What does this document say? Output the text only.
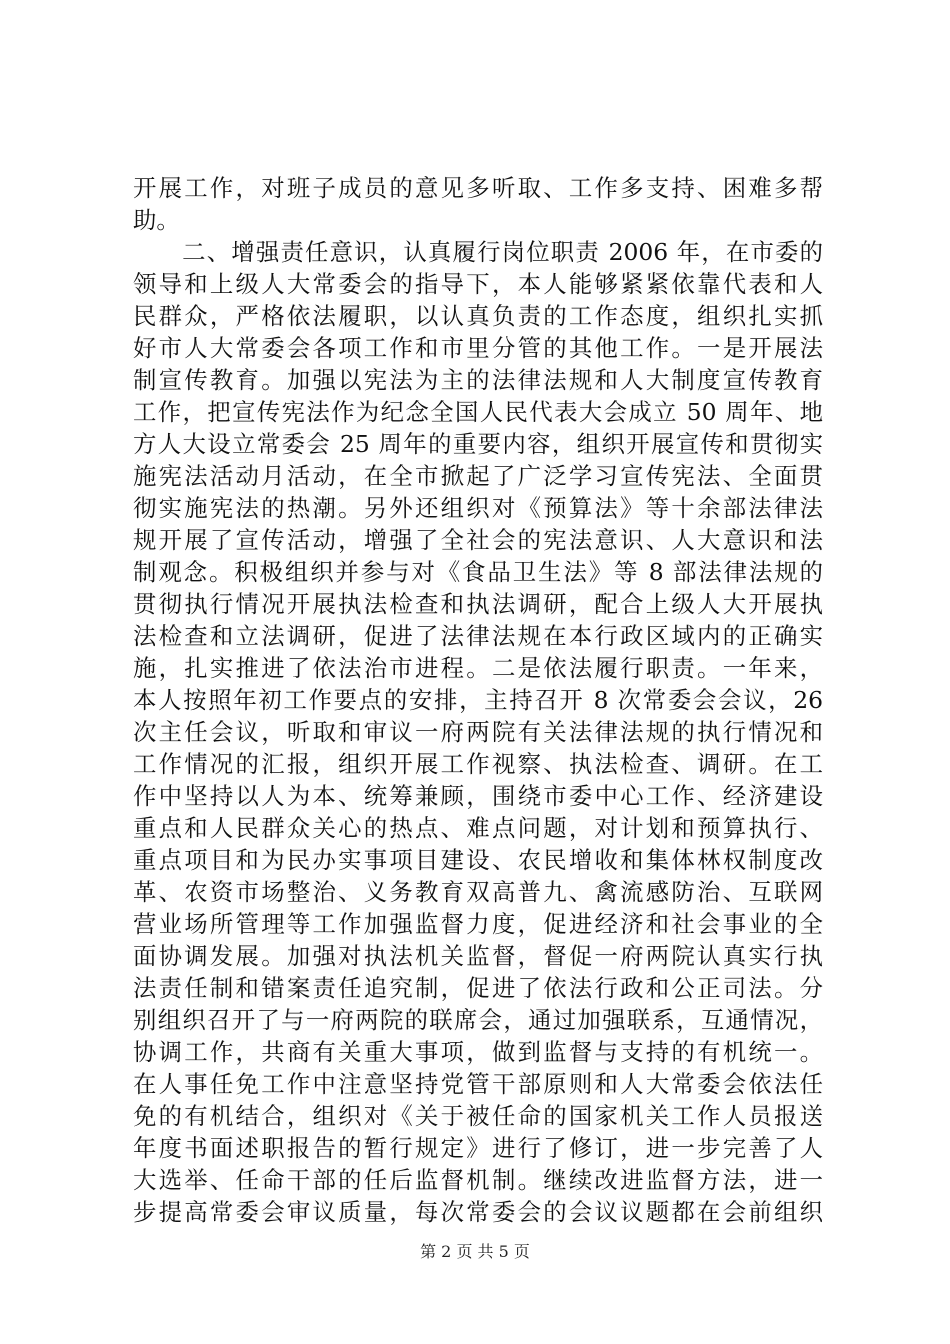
开展工作，对班子成员的意见多听取、工作多支持、困难多帮
助。
　　二、增强责任意识，认真履行岗位职责 2006 年，在市委的
领导和上级人大常委会的指导下，本人能够紧紧依靠代表和人
民群众，严格依法履职，以认真负责的工作态度，组织扎实抓
好市人大常委会各项工作和市里分管的其他工作。一是开展法
制宣传教育。加强以宪法为主的法律法规和人大制度宣传教育
工作，把宣传宪法作为纪念全国人民代表大会成立 50 周年、地
方人大设立常委会 25 周年的重要内容，组织开展宣传和贯彻实
施宪法活动月活动，在全市掀起了广泛学习宣传宪法、全面贯
彻实施宪法的热潮。另外还组织对《预算法》等十余部法律法
规开展了宣传活动，增强了全社会的宪法意识、人大意识和法
制观念。积极组织并参与对《食品卫生法》等 8 部法律法规的
贯彻执行情况开展执法检查和执法调研，配合上级人大开展执
法检查和立法调研，促进了法律法规在本行政区域内的正确实
施，扎实推进了依法治市进程。二是依法履行职责。一年来，
本人按照年初工作要点的安排，主持召开 8 次常委会会议，26
次主任会议，听取和审议一府两院有关法律法规的执行情况和
工作情况的汇报，组织开展工作视察、执法检查、调研。在工
作中坚持以人为本、统筹兼顾，围绕市委中心工作、经济建设
重点和人民群众关心的热点、难点问题，对计划和预算执行、
重点项目和为民办实事项目建设、农民增收和集体林权制度改
革、农资市场整治、义务教育双高普九、禽流感防治、互联网
营业场所管理等工作加强监督力度，促进经济和社会事业的全
面协调发展。加强对执法机关监督，督促一府两院认真实行执
法责任制和错案责任追究制，促进了依法行政和公正司法。分
别组织召开了与一府两院的联席会，通过加强联系，互通情况，
协调工作，共商有关重大事项，做到监督与支持的有机统一。
在人事任免工作中注意坚持党管干部原则和人大常委会依法任
免的有机结合，组织对《关于被任命的国家机关工作人员报送
年度书面述职报告的暂行规定》进行了修订，进一步完善了人
大选举、任命干部的任后监督机制。继续改进监督方法，进一
步提高常委会审议质量，每次常委会的会议议题都在会前组织
第 2 页 共 5 页
